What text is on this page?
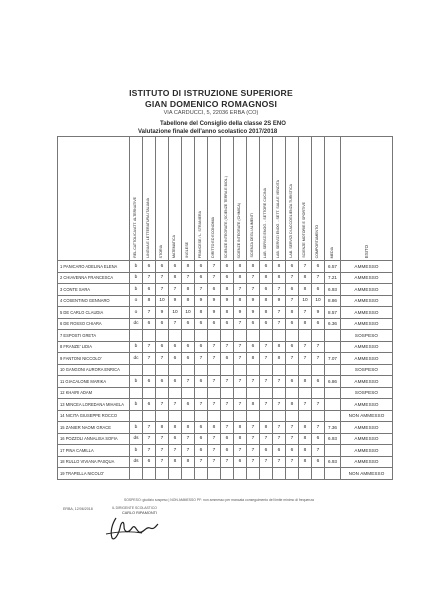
ISTITUTO DI ISTRUZIONE SUPERIORE
GIAN DOMENICO ROMAGNOSI
VIA CARDUCCI, 5, 22036 ERBA (CO)
Tabellone del Consiglio della classe 2S ENO
Valutazione finale dell'anno scolastico 2017/2018
	REL.CATTOLICA/ATT. ALTERNATIVE	LINGUA E LETTERATURA ITALIANA	STORIA	MATEMATICA	INGLESE	FRANCESE / L. STRANIERA	DIRITTO ED ECONOMIA	SCIENZE INTEGRATE (SCIENZE TERRA E BIOL.)	SCIENZE INTEGRATE (CHIMICA)	SCIENZA DEGLI ALIMENTI	LAB. SERVIZI ENOG. - SETTORE CUCINA	LAB. SERVIZI ENOG. - SETT. SALA E VENDITA	LAB. SERVIZI DI ACCOGLIENZA TURISTICA	SCIENZE MOTORIE E SPORTIVE	COMPORTAMENTO	MEDIA	ESITO
1 PANICARO ADELINA ELENA	b	6	6	6	8	6	7	6	8	8	6	8	6	7	6	6.57	AMMESSO
2 CHIAVENNA FRANCESCA	b	7	7	8	7	6	7	6	8	7	8	8	7	8	7	7.21	AMMESSO
3 CONTE SARA	b	6	7	7	8	7	6	8	7	7	6	7	6	8	6	6.93	AMMESSO
4 COSENTINO GENNARO	o	8	10	9	8	9	9	9	8	9	8	9	7	10	10	8.86	AMMESSO
5 DE CARLO CLAUDIA	o	7	9	10	10	8	9	8	9	9	8	7	8	7	9	8.57	AMMESSO
6 DE ROSSO CHIARA	dc	6	6	7	6	6	6	6	7	6	6	7	6	8	6	6.36	AMMESSO
7 ESPOSTI GRETA																	SOSPESO
8 FRANZE' LIDIA	b	7	6	6	6	6	7	7	7	6	7	8	6	7	7		AMMESSO
9 FANTONI NICCOLO'	dc	7	7	6	6	7	7	6	7	8	7	8	7	7	7	7.07	AMMESSO
10 GANGONI AURORA ENRICA																	SOSPESO
11 GIACALONE MARIKA	b	6	6	6	7	6	7	7	7	7	7	7	6	8	6	6.86	AMMESSO
12 KHAIRI ADAM																	SOSPESO
13 MINCEA LOREDANA MIHAELA	b	6	7	7	6	7	7	7	7	8	7	7	8	7	7		AMMESSO
14 NICITA GIUSEPPE ROCCO																	NON AMMESSO
15 ZANIER NAOMI GRACE	b	7	8	8	8	6	8	7	8	7	8	7	7	8	7	7.36	AMMESSO
16 POZZOLI ANNALISA SOFIA	ds	7	7	6	7	6	7	6	8	7	7	7	7	8	6	6.93	AMMESSO
17 PINA CAMILLA	b	7	7	7	7	6	7	6	7	7	6	6	6	8	7		AMMESSO
18 RULLO VIVIANA PASQUA	ds	6	7	8	8	7	7	7	6	7	7	7	7	8	6	6.93	AMMESSO
19 TRAPELLA NICOLO'																	NON AMMESSO
SOSPESO: giudizio sospeso | NON AMMESSO PF: non ammesso per mancata conseguimento del limite minimo di frequenza
ERBA, 12/06/2018	IL DIRIGENTE SCOLASTICO
CARLO RIPAMONTI
